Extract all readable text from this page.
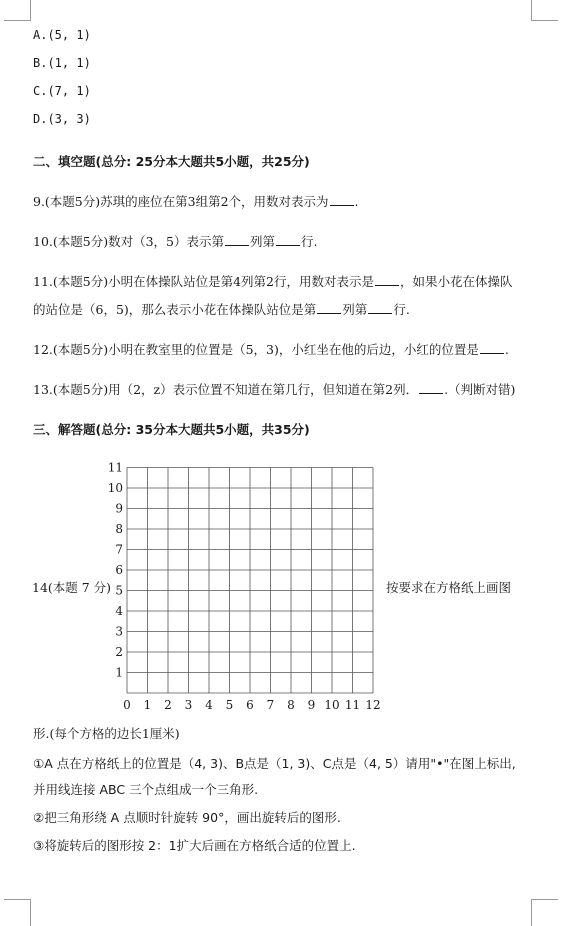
A.(5, 1)
B.(1, 1)
C.(7, 1)
D.(3, 3)
二、填空题(总分: 25分本大题共5小题，共25分)
9.(本题5分)苏琪的座位在第3组第2个，用数对表示为 .
10.(本题5分)数对（3，5）表示第 列第 行.
11.(本题5分)小明在体操队站位是第4列第2行，用数对表示是 ，如果小花在体操队
的站位是（6，5)，那么表示小花在体操队站位是第 列第 行.
12.(本题5分)小明在教室里的位置是（5，3)，小红坐在他的后边，小红的位置是 .
13.(本题5分)用（2，z）表示位置不知道在第几行，但知道在第2列． .（判断对错)
三、解答题(总分: 35分本大题共5小题，共35分)
14(本题 7 分)	按要求在方格纸上画图
0 1 2 3 4 5 6 7 8 9 10 11 12
1
2
3
4
5
6
7
8
9
10
11
形.(每个方格的边长1厘米)
①A 点在方格纸上的位置是（4, 3)、B点是（1, 3)、C点是（4, 5）请用"•"在图上标出,
并用线连接 ABC 三个点组成一个三角形.
②把三角形绕 A 点顺时针旋转 90°，画出旋转后的图形.
③将旋转后的图形按 2：1扩大后画在方格纸合适的位置上.
